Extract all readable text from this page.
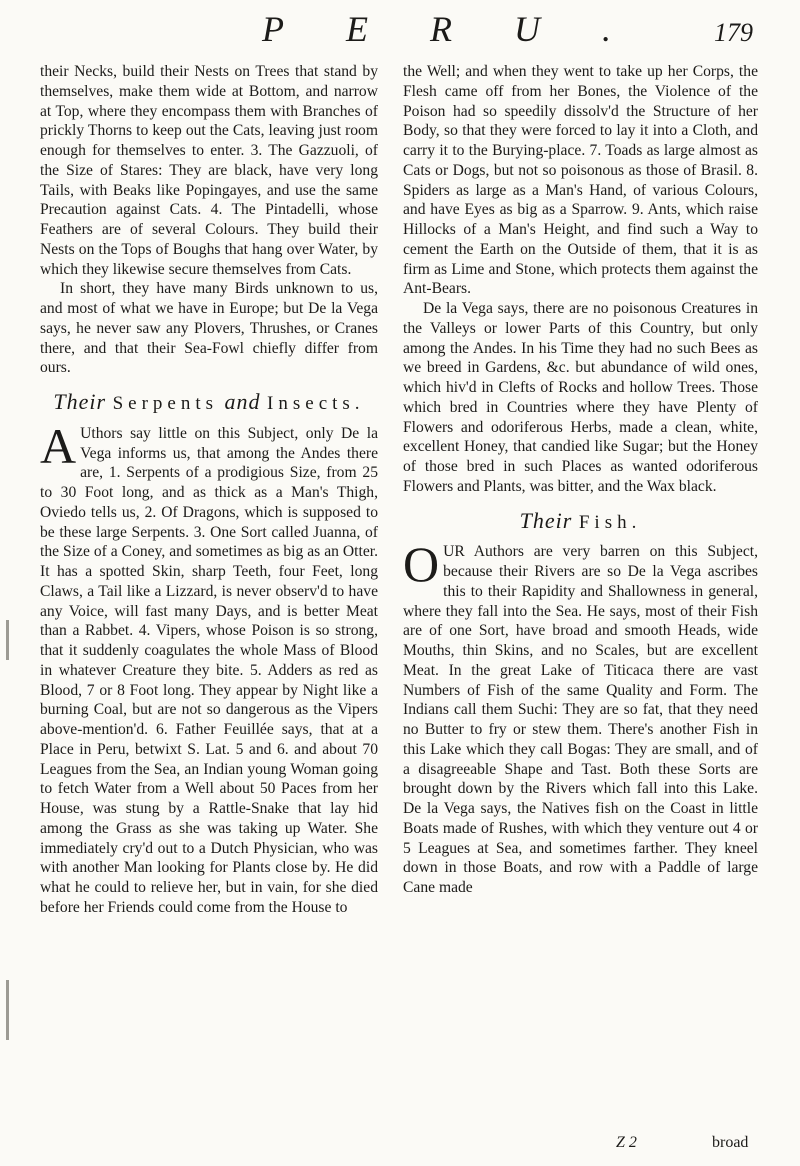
PERU.	179

their Necks, build their Nests on Trees that stand by themselves, make them wide at Bottom, and narrow at Top, where they encompass them with Branches of prickly Thorns to keep out the Cats, leaving just room enough for themselves to enter. 3. The Gazzuoli, of the Size of Stares: They are black, have very long Tails, with Beaks like Popingayes, and use the same Precaution against Cats. 4. The Pintadelli, whose Feathers are of several Colours. They build their Nests on the Tops of Boughs that hang over Water, by which they likewise secure themselves from Cats.

In short, they have many Birds unknown to us, and most of what we have in Europe; but De la Vega says, he never saw any Plovers, Thrushes, or Cranes there, and that their Sea-Fowl chiefly differ from ours.

Their Serpents and Insects.

A Uthors say little on this Subject, only De la Vega informs us, that among the Andes there are, 1. Serpents of a prodigious Size, from 25 to 30 Foot long, and as thick as a Man's Thigh, Oviedo tells us, 2. Of Dragons, which is supposed to be these large Serpents. 3. One Sort called Juanna, of the Size of a Coney, and sometimes as big as an Otter. It has a spotted Skin, sharp Teeth, four Feet, long Claws, a Tail like a Lizzard, is never observ'd to have any Voice, will fast many Days, and is better Meat than a Rabbet. 4. Vipers, whose Poison is so strong, that it suddenly coagulates the whole Mass of Blood in whatever Creature they bite. 5. Adders as red as Blood, 7 or 8 Foot long. They appear by Night like a burning Coal, but are not so dangerous as the Vipers above-mention'd. 6. Father Feuillée says, that at a Place in Peru, betwixt S. Lat. 5 and 6. and about 70 Leagues from the Sea, an Indian young Woman going to fetch Water from a Well about 50 Paces from her House, was stung by a Rattle-Snake that lay hid among the Grass as she was taking up Water. She immediately cry'd out to a Dutch Physician, who was with another Man looking for Plants close by. He did what he could to relieve her, but in vain, for she died before her Friends could come from the House to

the Well; and when they went to take up her Corps, the Flesh came off from her Bones, the Violence of the Poison had so speedily dissolv'd the Structure of her Body, so that they were forced to lay it into a Cloth, and carry it to the Burying-place. 7. Toads as large almost as Cats or Dogs, but not so poisonous as those of Brasil. 8. Spiders as large as a Man's Hand, of various Colours, and have Eyes as big as a Sparrow. 9. Ants, which raise Hillocks of a Man's Height, and find such a Way to cement the Earth on the Outside of them, that it is as firm as Lime and Stone, which protects them against the Ant-Bears.

De la Vega says, there are no poisonous Creatures in the Valleys or lower Parts of this Country, but only among the Andes. In his Time they had no such Bees as we breed in Gardens, &c. but abundance of wild ones, which hiv'd in Clefts of Rocks and hollow Trees. Those which bred in Countries where they have Plenty of Flowers and odoriferous Herbs, made a clean, white, excellent Honey, that candied like Sugar; but the Honey of those bred in such Places as wanted odoriferous Flowers and Plants, was bitter, and the Wax black.

Their Fish.

OUR Authors are very barren on this Subject, because their Rivers are so De la Vega ascribes this to their Rapidity and Shallowness in general, where they fall into the Sea. He says, most of their Fish are of one Sort, have broad and smooth Heads, wide Mouths, thin Skins, and no Scales, but are excellent Meat. In the great Lake of Titicaca there are vast Numbers of Fish of the same Quality and Form. The Indians call them Suchi: They are so fat, that they need no Butter to fry or stew them. There's another Fish in this Lake which they call Bogas: They are small, and of a disagreeable Shape and Tast. Both these Sorts are brought down by the Rivers which fall into this Lake. De la Vega says, the Natives fish on the Coast in little Boats made of Rushes, with which they venture out 4 or 5 Leagues at Sea, and sometimes farther. They kneel down in those Boats, and row with a Paddle of large Cane made

Z 2	broad
